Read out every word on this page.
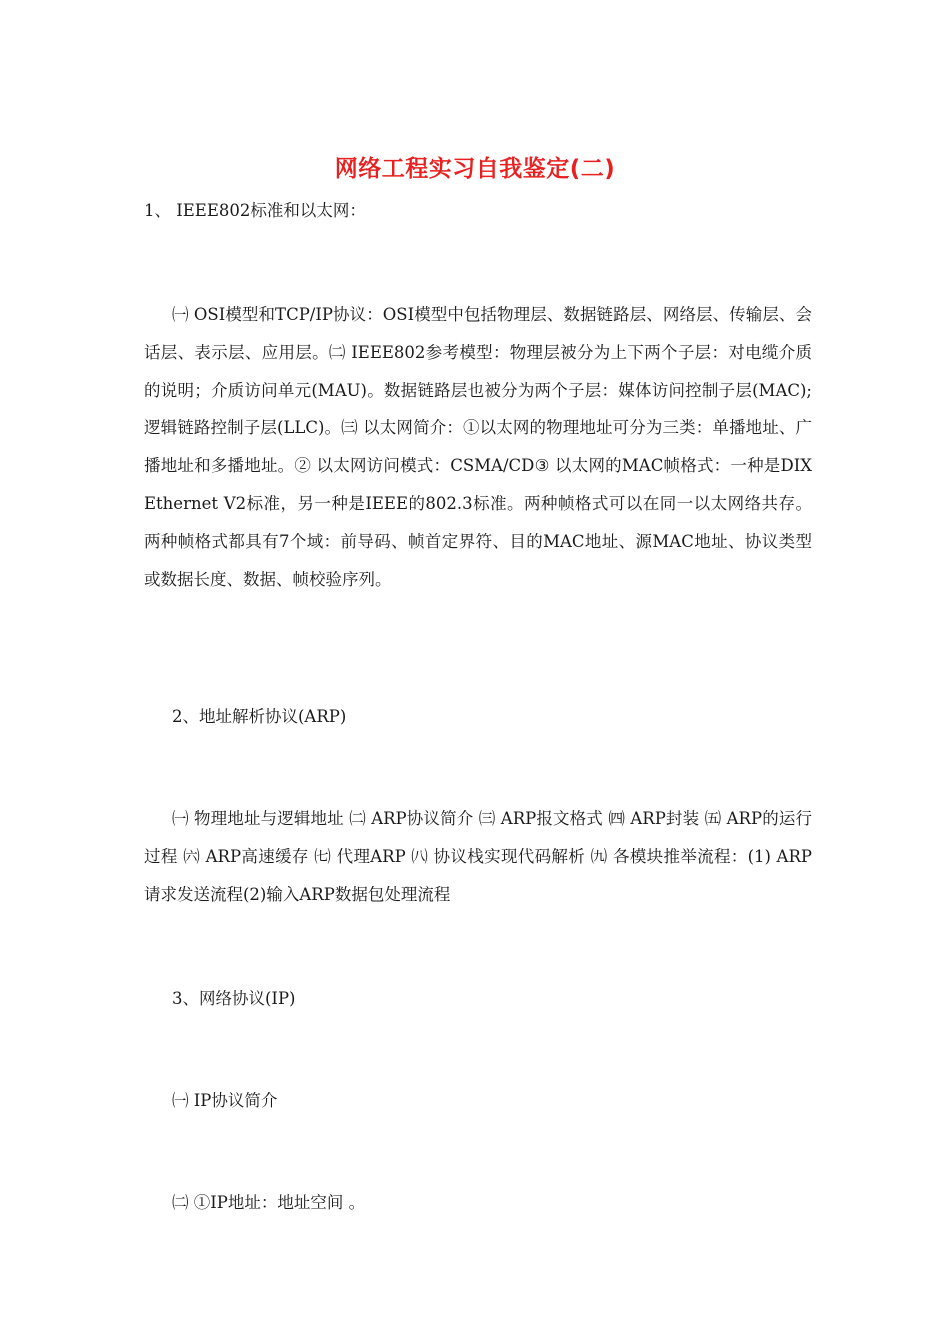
网络工程实习自我鉴定(二)
1、 IEEE802标准和以太网：
㈠ OSI模型和TCP/IP协议：OSI模型中包括物理层、数据链路层、网络层、传输层、会话层、表示层、应用层。㈡ IEEE802参考模型：物理层被分为上下两个子层：对电缆介质的说明；介质访问单元(MAU)。数据链路层也被分为两个子层：媒体访问控制子层(MAC);逻辑链路控制子层(LLC)。㈢ 以太网简介：①以太网的物理地址可分为三类：单播地址、广播地址和多播地址。② 以太网访问模式：CSMA/CD③ 以太网的MAC帧格式：一种是DIX Ethernet V2标准，另一种是IEEE的802.3标准。两种帧格式可以在同一以太网络共存。两种帧格式都具有7个域：前导码、帧首定界符、目的MAC地址、源MAC地址、协议类型或数据长度、数据、帧校验序列。
2、地址解析协议(ARP)
㈠ 物理地址与逻辑地址 ㈡ ARP协议简介 ㈢ ARP报文格式 ㈣ ARP封装 ㈤ ARP的运行过程 ㈥ ARP高速缓存 ㈦ 代理ARP ㈧ 协议栈实现代码解析 ㈨ 各模块推举流程：(1) ARP请求发送流程(2)输入ARP数据包处理流程
3、网络协议(IP)
㈠ IP协议简介
㈡ ①IP地址：地址空间 。
